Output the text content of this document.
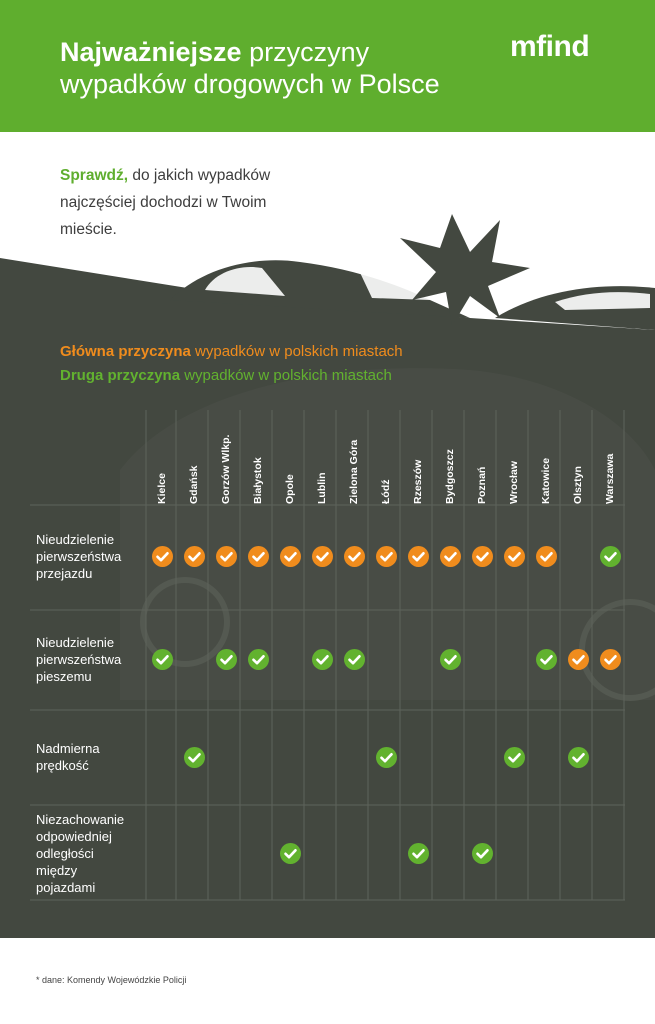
Najważniejsze przyczyny
wypadków drogowych w Polsce
mfind
Sprawdź, do jakich wypadków
najczęściej dochodzi w Twoim
mieście.
Główna przyczyna wypadków w polskich miastach
Druga przyczyna wypadków w polskich miastach
Kielce Gdańsk Gorzów Wlkp. Białystok Opole Lublin Zielona Góra Łódź Rzeszów Bydgoszcz Poznań Wrocław Katowice Olsztyn Warszawa
Nieudzielenie
pierwszeństwa
przejazdu
Nieudzielenie
pierwszeństwa
pieszemu
Nadmierna
prędkość
Niezachowanie
odpowiedniej
odległości
między
pojazdami
* dane: Komendy Wojewódzkie Policji
